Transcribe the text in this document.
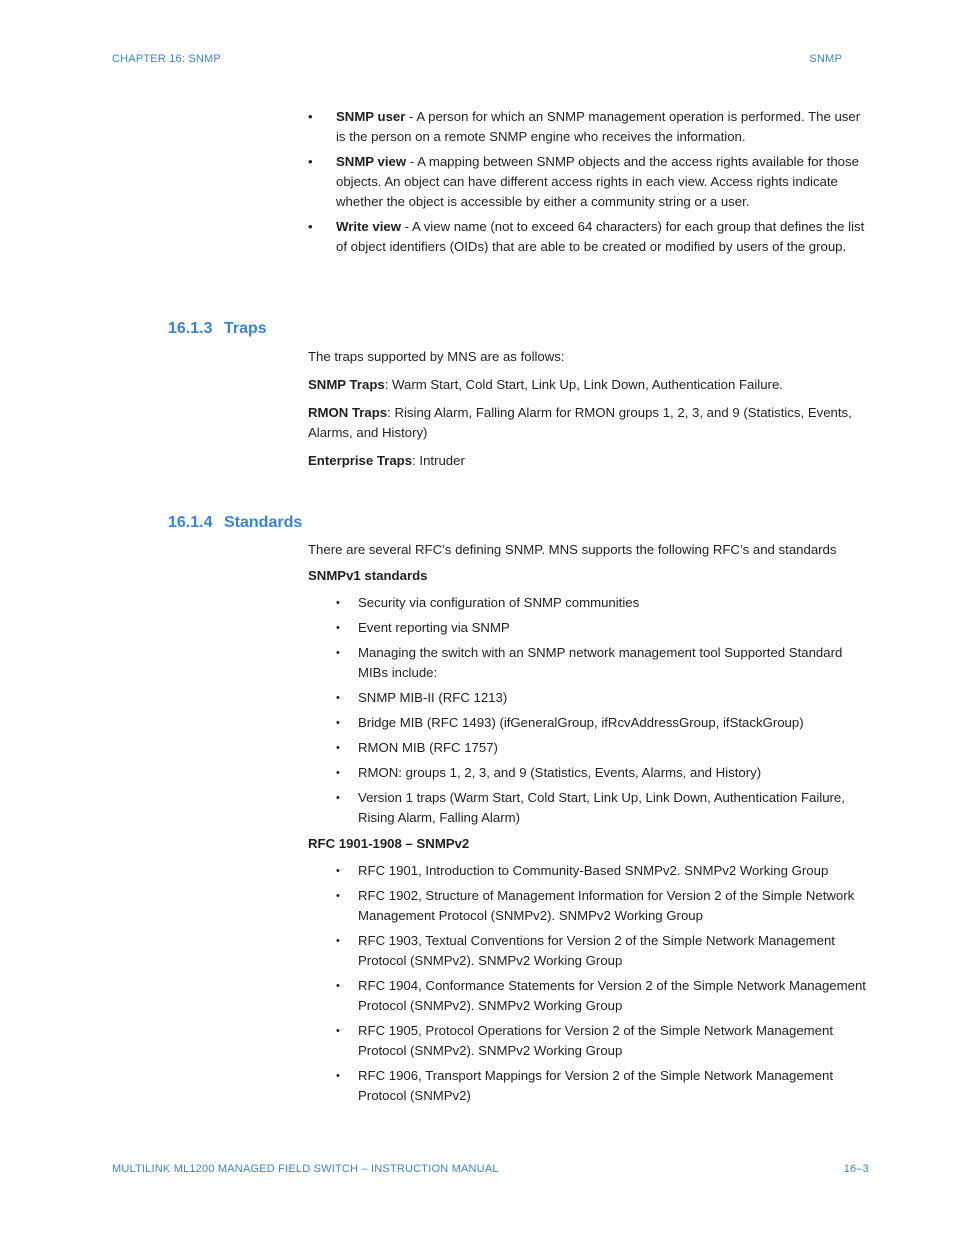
CHAPTER 16: SNMP	SNMP
• SNMP user - A person for which an SNMP management operation is performed. The user is the person on a remote SNMP engine who receives the information.
• SNMP view - A mapping between SNMP objects and the access rights available for those objects. An object can have different access rights in each view. Access rights indicate whether the object is accessible by either a community string or a user.
• Write view - A view name (not to exceed 64 characters) for each group that defines the list of object identifiers (OIDs) that are able to be created or modified by users of the group.
16.1.3 Traps
The traps supported by MNS are as follows:
SNMP Traps: Warm Start, Cold Start, Link Up, Link Down, Authentication Failure.
RMON Traps: Rising Alarm, Falling Alarm for RMON groups 1, 2, 3, and 9 (Statistics, Events, Alarms, and History)
Enterprise Traps: Intruder
16.1.4 Standards
There are several RFC’s defining SNMP. MNS supports the following RFC’s and standards
SNMPv1 standards
• Security via configuration of SNMP communities
• Event reporting via SNMP
• Managing the switch with an SNMP network management tool Supported Standard MIBs include:
• SNMP MIB-II (RFC 1213)
• Bridge MIB (RFC 1493) (ifGeneralGroup, ifRcvAddressGroup, ifStackGroup)
• RMON MIB (RFC 1757)
• RMON: groups 1, 2, 3, and 9 (Statistics, Events, Alarms, and History)
• Version 1 traps (Warm Start, Cold Start, Link Up, Link Down, Authentication Failure, Rising Alarm, Falling Alarm)
RFC 1901-1908 – SNMPv2
• RFC 1901, Introduction to Community-Based SNMPv2. SNMPv2 Working Group
• RFC 1902, Structure of Management Information for Version 2 of the Simple Network Management Protocol (SNMPv2). SNMPv2 Working Group
• RFC 1903, Textual Conventions for Version 2 of the Simple Network Management Protocol (SNMPv2). SNMPv2 Working Group
• RFC 1904, Conformance Statements for Version 2 of the Simple Network Management Protocol (SNMPv2). SNMPv2 Working Group
• RFC 1905, Protocol Operations for Version 2 of the Simple Network Management Protocol (SNMPv2). SNMPv2 Working Group
• RFC 1906, Transport Mappings for Version 2 of the Simple Network Management Protocol (SNMPv2)
MULTILINK ML1200 MANAGED FIELD SWITCH – INSTRUCTION MANUAL	16–3
